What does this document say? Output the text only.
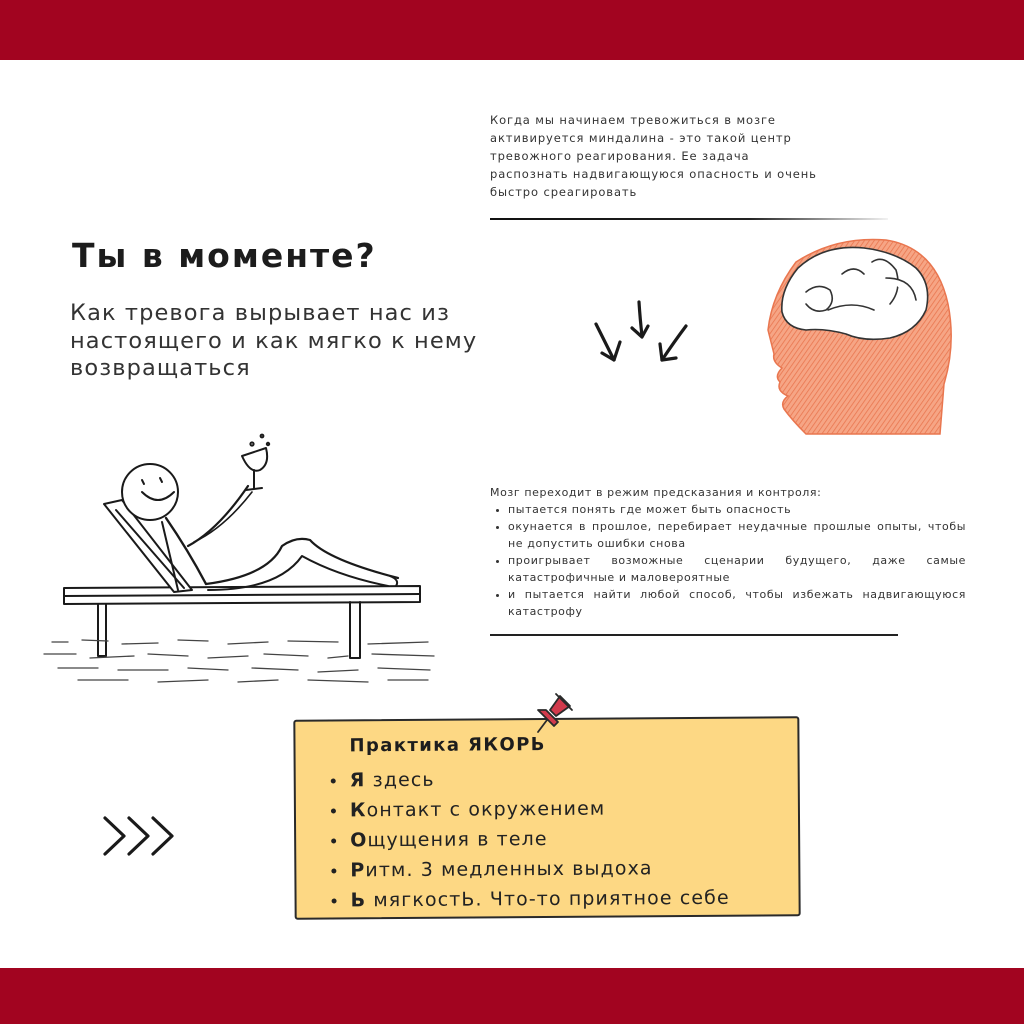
Когда мы начинаем тревожиться в мозге
активируется миндалина - это такой центр
тревожного реагирования. Ее задача
распознать надвигающуюся опасность и очень
быстро среагировать
Ты в моменте?
Как тревога вырывает нас из настоящего и как мягко к нему возвращаться
Мозг переходит в режим предсказания и контроля:
• пытается понять где может быть опасность
• окунается в прошлое, перебирает неудачные прошлые опыты, чтобы не допустить ошибки снова
• проигрывает возможные сценарии будущего, даже самые катастрофичные и маловероятные
• и пытается найти любой способ, чтобы избежать надвигающуюся катастрофу
Практика ЯКОРЬ
• Я здесь
• Контакт с окружением
• Ощущения в теле
• Ритм. 3 медленных выдоха
• Ь мягкостЬ. Что-то приятное себе
